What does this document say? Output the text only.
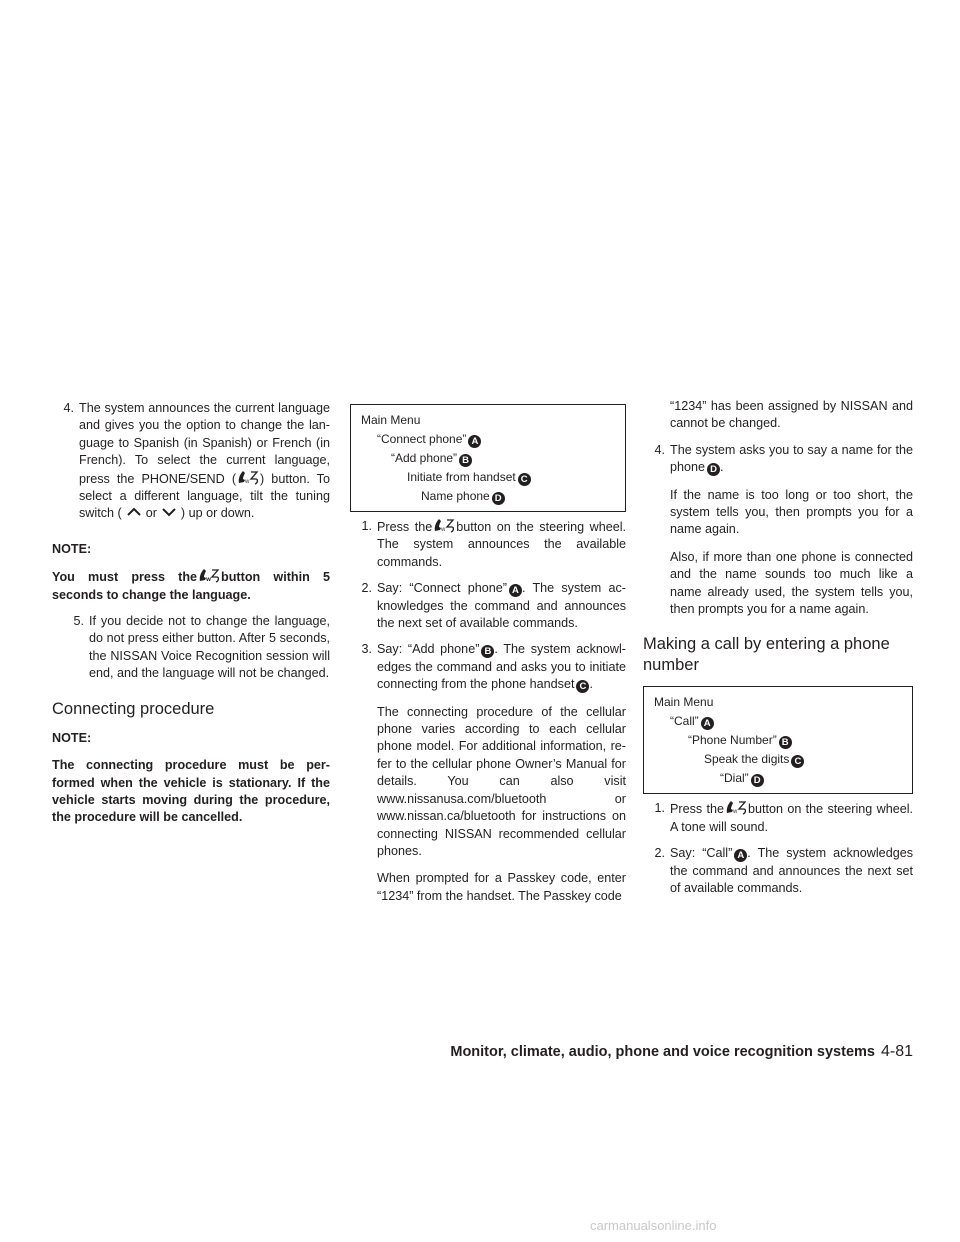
4. The system announces the current language and gives you the option to change the lan-guage to Spanish (in Spanish) or French (in French). To select the current language, press the PHONE/SEND ( ) button. To select a different language, tilt the tuning switch ( or ) up or down.
NOTE:
You must press the button within 5 seconds to change the language.
5. If you decide not to change the language, do not press either button. After 5 seconds, the NISSAN Voice Recognition session will end, and the language will not be changed.
Connecting procedure
NOTE:
The connecting procedure must be per-formed when the vehicle is stationary. If the vehicle starts moving during the procedure, the procedure will be cancelled.
Main Menu
“Connect phone” A
“Add phone” B
Initiate from handset C
Name phone D
1. Press the button on the steering wheel. The system announces the available commands.
2. Say: “Connect phone” A . The system ac-knowledges the command and announces the next set of available commands.
3. Say: “Add phone” B . The system acknowl-edges the command and asks you to initiate connecting from the phone handset C .
The connecting procedure of the cellular phone varies according to each cellular phone model. For additional information, re-fer to the cellular phone Owner’s Manual for details. You can also visit www.nissanusa.com/bluetooth or www.nissan.ca/bluetooth for instructions on connecting NISSAN recommended cellular phones.
When prompted for a Passkey code, enter “1234” from the handset. The Passkey code
“1234” has been assigned by NISSAN and cannot be changed.
4. The system asks you to say a name for the phone D .
If the name is too long or too short, the system tells you, then prompts you for a name again.
Also, if more than one phone is connected and the name sounds too much like a name already used, the system tells you, then prompts you for a name again.
Making a call by entering a phone number
Main Menu
“Call” A
“Phone Number” B
Speak the digits C
“Dial” D
1. Press the button on the steering wheel. A tone will sound.
2. Say: “Call” A . The system acknowledges the command and announces the next set of available commands.
Monitor, climate, audio, phone and voice recognition systems 4-81
carmanualsonline.info
